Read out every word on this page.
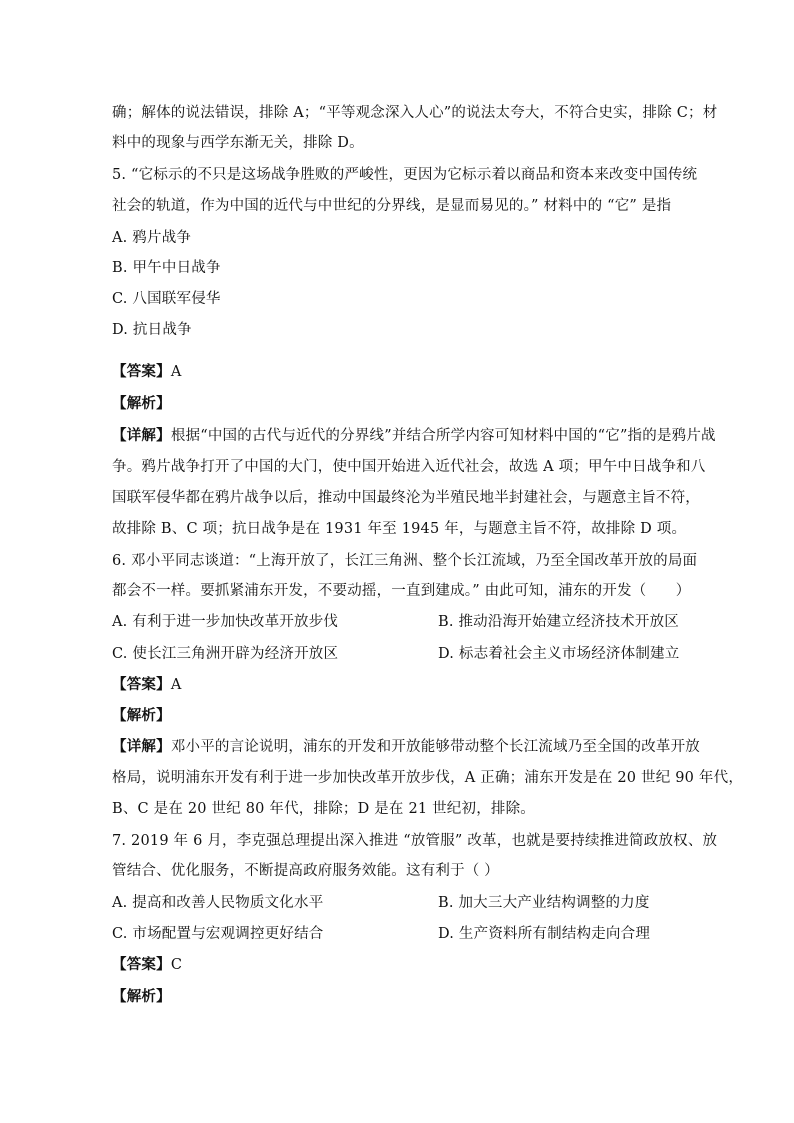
确；解体的说法错误，排除 A；“平等观念深入人心”的说法太夸大，不符合史实，排除 C；材
料中的现象与西学东渐无关，排除 D。
5. “它标示的不只是这场战争胜败的严峻性，更因为它标示着以商品和资本来改变中国传统
社会的轨道，作为中国的近代与中世纪的分界线，是显而易见的。” 材料中的 “它” 是指
A. 鸦片战争
B. 甲午中日战争
C. 八国联军侵华
D. 抗日战争
【答案】A
【解析】
【详解】根据“中国的古代与近代的分界线”并结合所学内容可知材料中国的“它”指的是鸦片战
争。鸦片战争打开了中国的大门，使中国开始进入近代社会，故选 A 项；甲午中日战争和八
国联军侵华都在鸦片战争以后，推动中国最终沦为半殖民地半封建社会，与题意主旨不符，
故排除 B、C 项；抗日战争是在 1931 年至 1945 年，与题意主旨不符，故排除 D 项。
6. 邓小平同志谈道：“上海开放了，长江三角洲、整个长江流域，乃至全国改革开放的局面
都会不一样。要抓紧浦东开发，不要动摇，一直到建成。” 由此可知，浦东的开发（　　）
A. 有利于进一步加快改革开放步伐	B. 推动沿海开始建立经济技术开放区
C. 使长江三角洲开辟为经济开放区	D. 标志着社会主义市场经济体制建立
【答案】A
【解析】
【详解】邓小平的言论说明，浦东的开发和开放能够带动整个长江流域乃至全国的改革开放
格局，说明浦东开发有利于进一步加快改革开放步伐，A 正确；浦东开发是在 20 世纪 90 年代，
B、C 是在 20 世纪 80 年代，排除；D 是在 21 世纪初，排除。
7. 2019 年 6 月，李克强总理提出深入推进 “放管服” 改革，也就是要持续推进简政放权、放
管结合、优化服务，不断提高政府服务效能。这有利于（ ）
A. 提高和改善人民物质文化水平	B. 加大三大产业结构调整的力度
C. 市场配置与宏观调控更好结合	D. 生产资料所有制结构走向合理
【答案】C
【解析】
